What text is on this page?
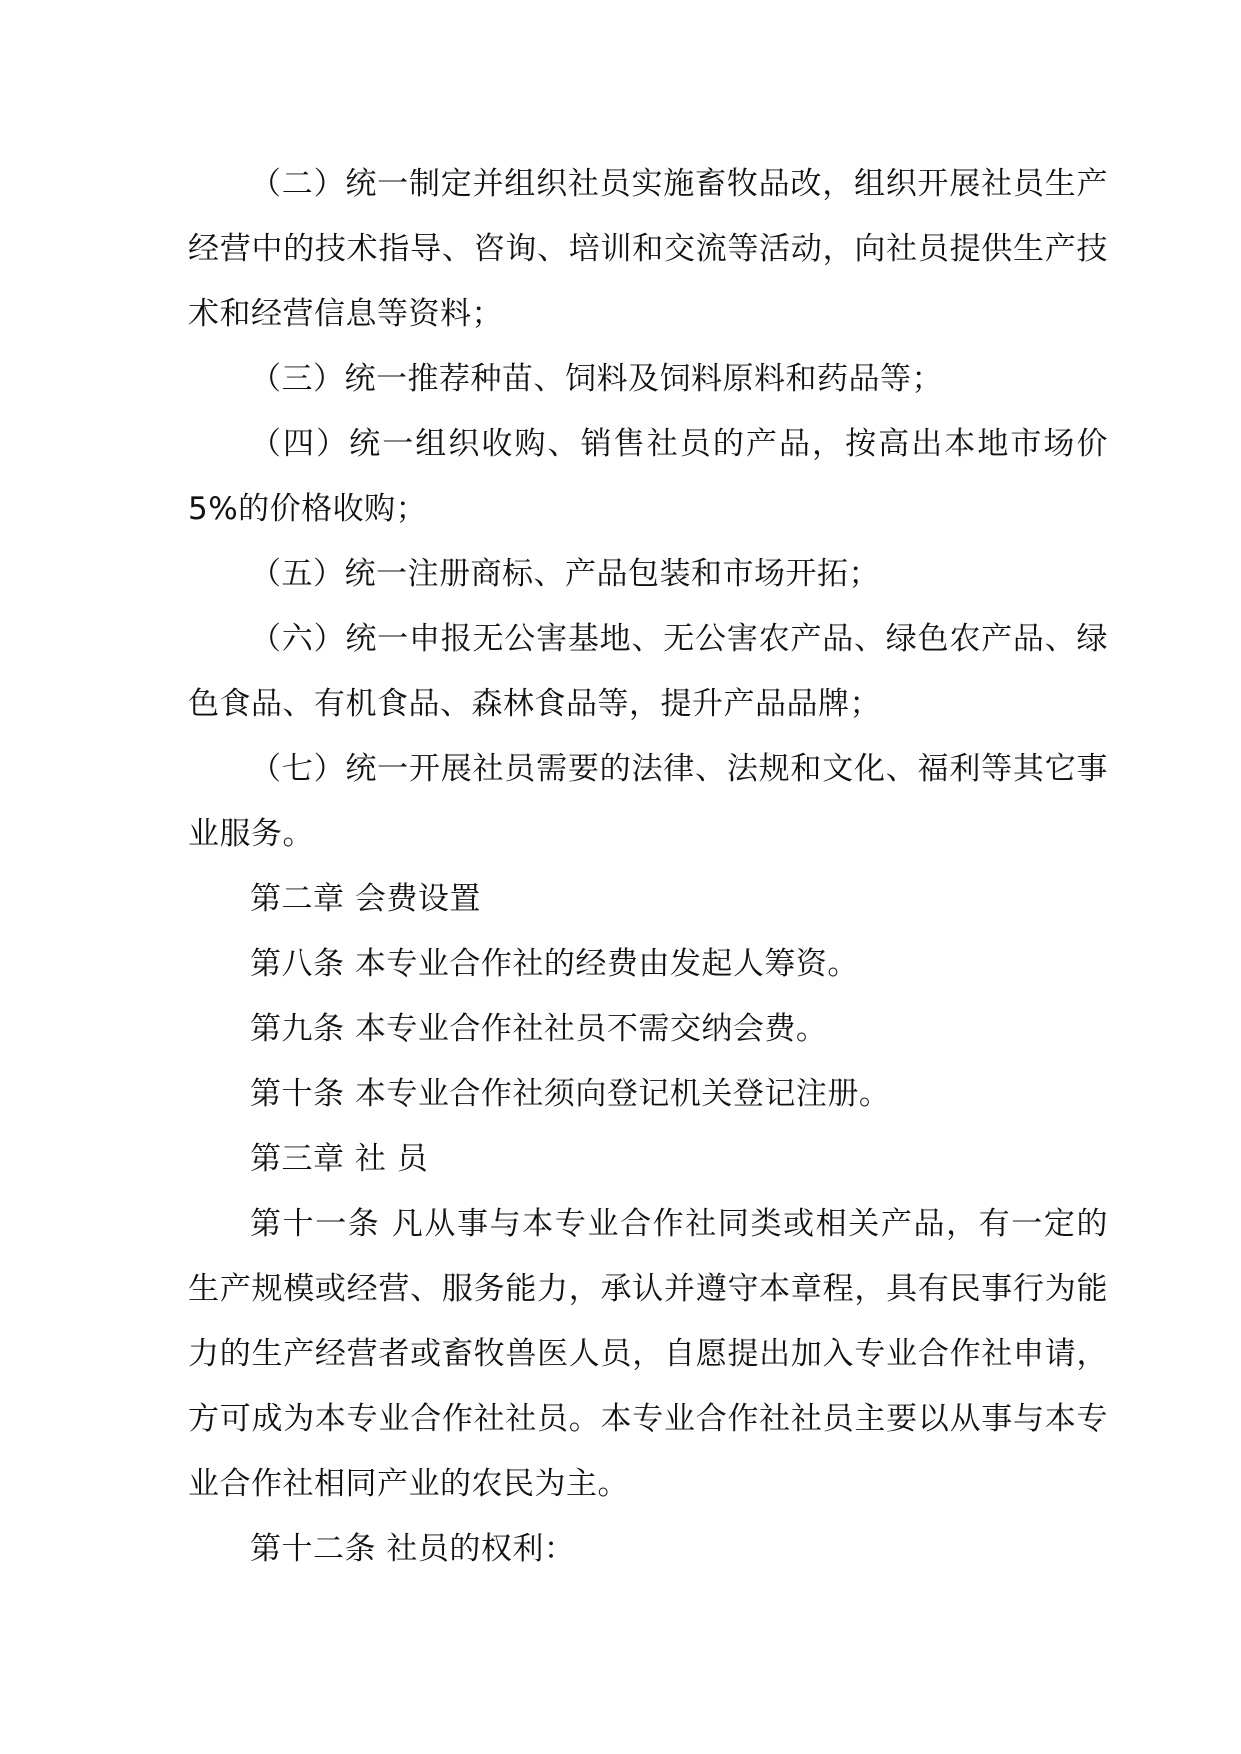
（二）统一制定并组织社员实施畜牧品改，组织开展社员生产经营中的技术指导、咨询、培训和交流等活动，向社员提供生产技术和经营信息等资料；

（三）统一推荐种苗、饲料及饲料原料和药品等；

（四）统一组织收购、销售社员的产品，按高出本地市场价5%的价格收购；

（五）统一注册商标、产品包装和市场开拓；

（六）统一申报无公害基地、无公害农产品、绿色农产品、绿色食品、有机食品、森林食品等，提升产品品牌；

（七）统一开展社员需要的法律、法规和文化、福利等其它事业服务。

第二章 会费设置

第八条 本专业合作社的经费由发起人筹资。

第九条 本专业合作社社员不需交纳会费。

第十条 本专业合作社须向登记机关登记注册。

第三章 社 员

第十一条 凡从事与本专业合作社同类或相关产品，有一定的生产规模或经营、服务能力，承认并遵守本章程，具有民事行为能力的生产经营者或畜牧兽医人员，自愿提出加入专业合作社申请，方可成为本专业合作社社员。本专业合作社社员主要以从事与本专业合作社相同产业的农民为主。

第十二条 社员的权利：
